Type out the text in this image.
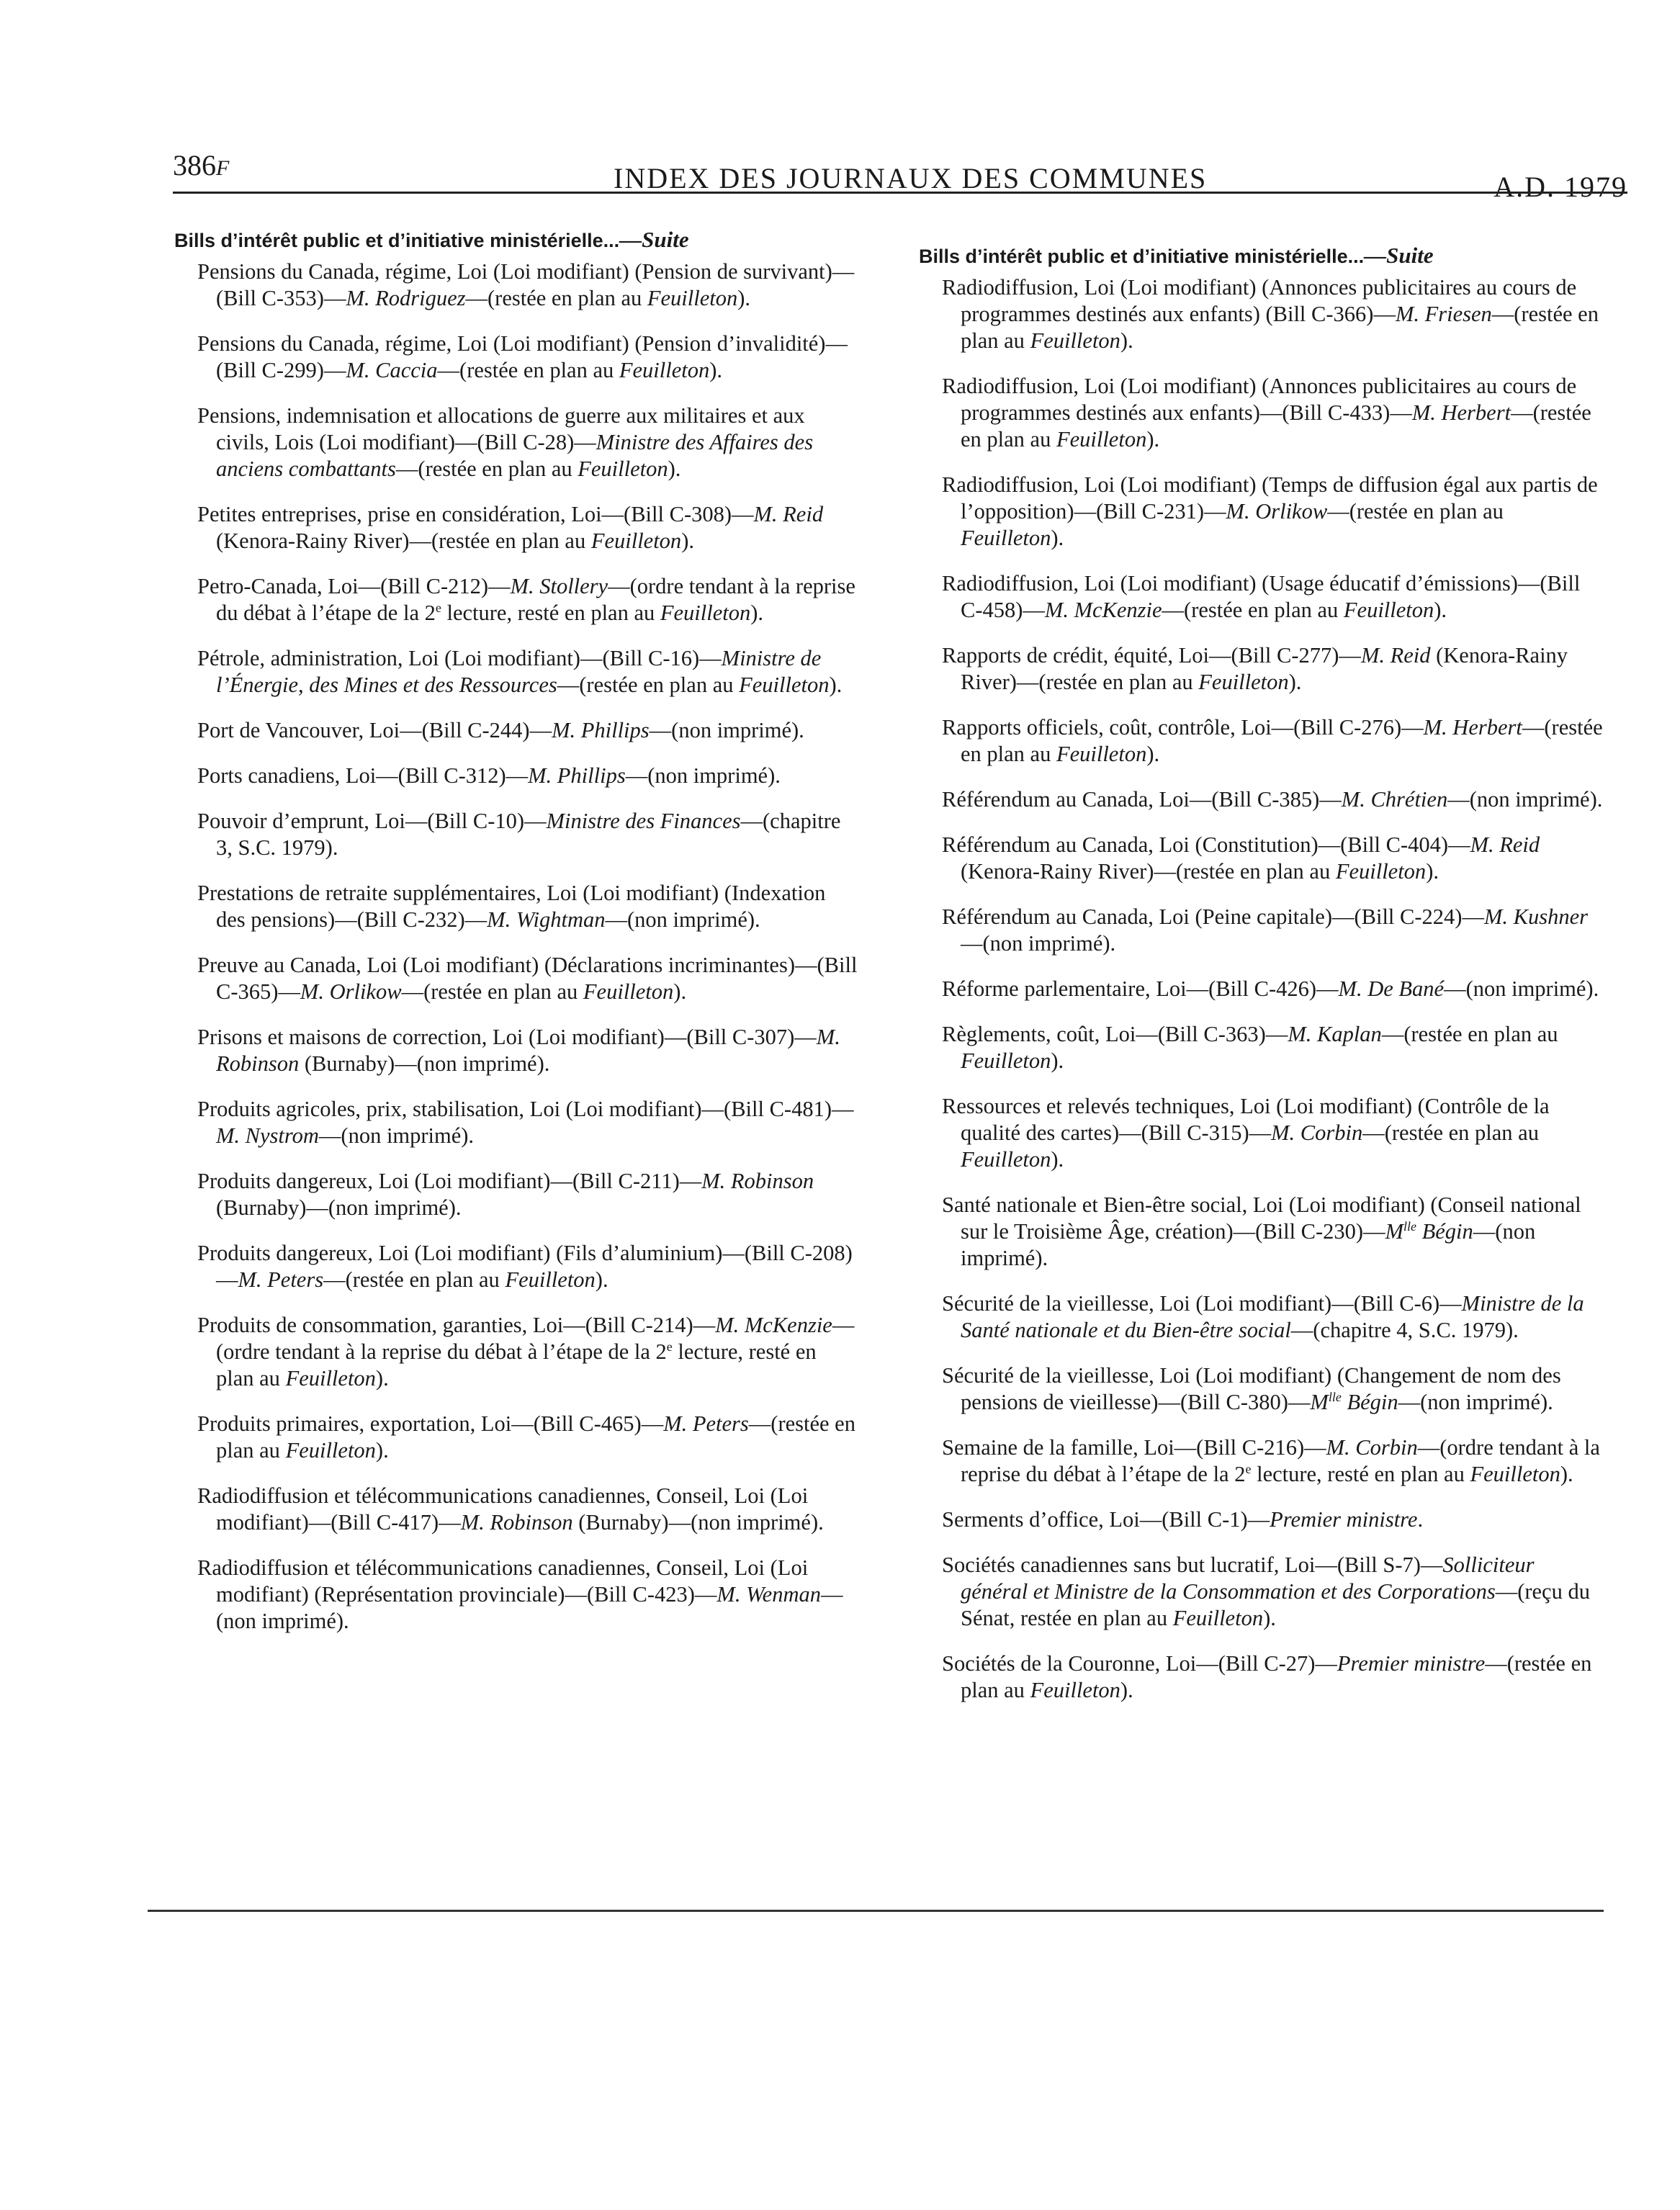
386F	INDEX DES JOURNAUX DES COMMUNES	A.D. 1979
Bills d’intérêt public et d’initiative ministérielle...—Suite
Pensions du Canada, régime, Loi (Loi modifiant) (Pension de survivant)—(Bill C-353)—M. Rodriguez—(restée en plan au Feuilleton).
Pensions du Canada, régime, Loi (Loi modifiant) (Pension d’invalidité)—(Bill C-299)—M. Caccia—(restée en plan au Feuilleton).
Pensions, indemnisation et allocations de guerre aux militaires et aux civils, Lois (Loi modifiant)—(Bill C-28)—Ministre des Affaires des anciens combattants—(restée en plan au Feuilleton).
Petites entreprises, prise en considération, Loi—(Bill C-308)—M. Reid (Kenora-Rainy River)—(restée en plan au Feuilleton).
Petro-Canada, Loi—(Bill C-212)—M. Stollery—(ordre tendant à la reprise du débat à l’étape de la 2e lecture, resté en plan au Feuilleton).
Pétrole, administration, Loi (Loi modifiant)—(Bill C-16)—Ministre de l’Énergie, des Mines et des Ressources—(restée en plan au Feuilleton).
Port de Vancouver, Loi—(Bill C-244)—M. Phillips—(non imprimé).
Ports canadiens, Loi—(Bill C-312)—M. Phillips—(non imprimé).
Pouvoir d’emprunt, Loi—(Bill C-10)—Ministre des Finances—(chapitre 3, S.C. 1979).
Prestations de retraite supplémentaires, Loi (Loi modifiant) (Indexation des pensions)—(Bill C-232)—M. Wightman—(non imprimé).
Preuve au Canada, Loi (Loi modifiant) (Déclarations incriminantes)—(Bill C-365)—M. Orlikow—(restée en plan au Feuilleton).
Prisons et maisons de correction, Loi (Loi modifiant)—(Bill C-307)—M. Robinson (Burnaby)—(non imprimé).
Produits agricoles, prix, stabilisation, Loi (Loi modifiant)—(Bill C-481)—M. Nystrom—(non imprimé).
Produits dangereux, Loi (Loi modifiant)—(Bill C-211)—M. Robinson (Burnaby)—(non imprimé).
Produits dangereux, Loi (Loi modifiant) (Fils d’aluminium)—(Bill C-208)—M. Peters—(restée en plan au Feuilleton).
Produits de consommation, garanties, Loi—(Bill C-214)—M. McKenzie—(ordre tendant à la reprise du débat à l’étape de la 2e lecture, resté en plan au Feuilleton).
Produits primaires, exportation, Loi—(Bill C-465)—M. Peters—(restée en plan au Feuilleton).
Radiodiffusion et télécommunications canadiennes, Conseil, Loi (Loi modifiant)—(Bill C-417)—M. Robinson (Burnaby)—(non imprimé).
Radiodiffusion et télécommunications canadiennes, Conseil, Loi (Loi modifiant) (Représentation provinciale)—(Bill C-423)—M. Wenman—(non imprimé).
Bills d’intérêt public et d’initiative ministérielle...—Suite
Radiodiffusion, Loi (Loi modifiant) (Annonces publicitaires au cours de programmes destinés aux enfants) (Bill C-366)—M. Friesen—(restée en plan au Feuilleton).
Radiodiffusion, Loi (Loi modifiant) (Annonces publicitaires au cours de programmes destinés aux enfants)—(Bill C-433)—M. Herbert—(restée en plan au Feuilleton).
Radiodiffusion, Loi (Loi modifiant) (Temps de diffusion égal aux partis de l’opposition)—(Bill C-231)—M. Orlikow—(restée en plan au Feuilleton).
Radiodiffusion, Loi (Loi modifiant) (Usage éducatif d’émissions)—(Bill C-458)—M. McKenzie—(restée en plan au Feuilleton).
Rapports de crédit, équité, Loi—(Bill C-277)—M. Reid (Kenora-Rainy River)—(restée en plan au Feuilleton).
Rapports officiels, coût, contrôle, Loi—(Bill C-276)—M. Herbert—(restée en plan au Feuilleton).
Référendum au Canada, Loi—(Bill C-385)—M. Chrétien—(non imprimé).
Référendum au Canada, Loi (Constitution)—(Bill C-404)—M. Reid (Kenora-Rainy River)—(restée en plan au Feuilleton).
Référendum au Canada, Loi (Peine capitale)—(Bill C-224)—M. Kushner—(non imprimé).
Réforme parlementaire, Loi—(Bill C-426)—M. De Bané—(non imprimé).
Règlements, coût, Loi—(Bill C-363)—M. Kaplan—(restée en plan au Feuilleton).
Ressources et relevés techniques, Loi (Loi modifiant) (Contrôle de la qualité des cartes)—(Bill C-315)—M. Corbin—(restée en plan au Feuilleton).
Santé nationale et Bien-être social, Loi (Loi modifiant) (Conseil national sur le Troisième Âge, création)—(Bill $C-230)—M^{lle}$ Bégin—(non imprimé).
Sécurité de la vieillesse, Loi (Loi modifiant)—(Bill C-6)—Ministre de la Santé nationale et du Bien-être social—(chapitre 4, S.C. 1979).
Sécurité de la vieillesse, Loi (Loi modifiant) (Changement de nom des pensions de vieillesse)—(Bill $C-380)—M^{lle}$ Bégin—(non imprimé).
Semaine de la famille, Loi—(Bill C-216)—M. Corbin—(ordre tendant à la reprise du débat à l’étape de la 2e lecture, resté en plan au Feuilleton).
Serments d’office, Loi—(Bill C-1)—Premier ministre.
Sociétés canadiennes sans but lucratif, Loi—(Bill S-7)—Solliciteur général et Ministre de la Consommation et des Corporations—(reçu du Sénat, restée en plan au Feuilleton).
Sociétés de la Couronne, Loi—(Bill C-27)—Premier ministre—(restée en plan au Feuilleton).
